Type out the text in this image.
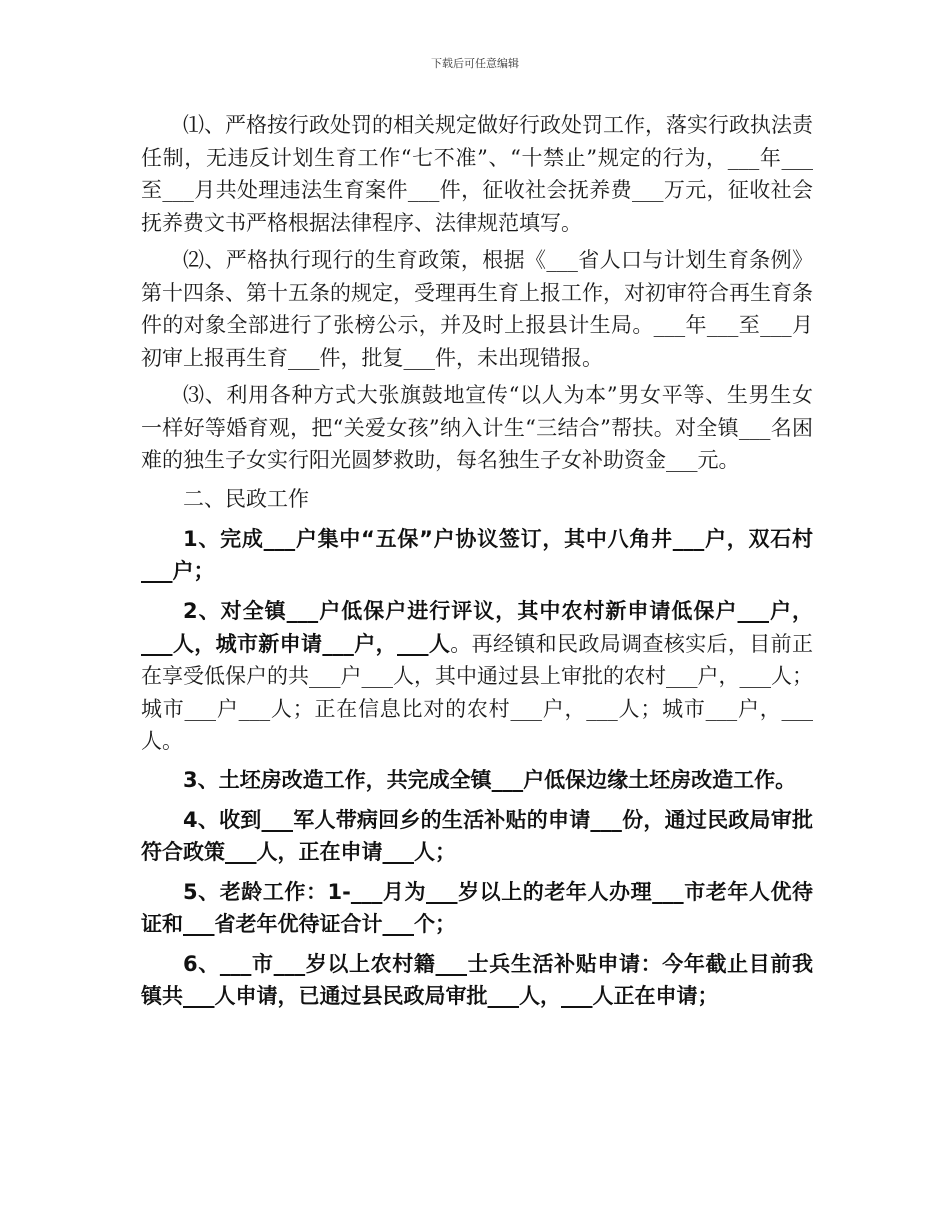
下载后可任意编辑

⑴、严格按行政处罚的相关规定做好行政处罚工作，落实行政执法责任制，无违反计划生育工作“七不准”、“十禁止”规定的行为，___年___至___月共处理违法生育案件___件，征收社会抚养费___万元，征收社会抚养费文书严格根据法律程序、法律规范填写。

⑵、严格执行现行的生育政策，根据《___省人口与计划生育条例》第十四条、第十五条的规定，受理再生育上报工作，对初审符合再生育条件的对象全部进行了张榜公示，并及时上报县计生局。___年___至___月初审上报再生育___件，批复___件，未出现错报。

⑶、利用各种方式大张旗鼓地宣传“以人为本”男女平等、生男生女一样好等婚育观，把“关爱女孩”纳入计生“三结合”帮扶。对全镇___名困难的独生子女实行阳光圆梦救助，每名独生子女补助资金___元。

二、民政工作

1、完成___户集中“五保”户协议签订，其中八角井___户，双石村___户；

2、对全镇___户低保户进行评议，其中农村新申请低保户___户，___人，城市新申请___户，___人。再经镇和民政局调查核实后，目前正在享受低保户的共___户___人，其中通过县上审批的农村___户，___人；城市___户___人；正在信息比对的农村___户，___人；城市___户，___人。

3、土坯房改造工作，共完成全镇___户低保边缘土坯房改造工作。

4、收到___军人带病回乡的生活补贴的申请___份，通过民政局审批符合政策___人，正在申请___人；

5、老龄工作：1-___月为___岁以上的老年人办理___市老年人优待证和___省老年优待证合计___个；

6、___市___岁以上农村籍___士兵生活补贴申请：今年截止目前我镇共___人申请，已通过县民政局审批___人，___人正在申请；
